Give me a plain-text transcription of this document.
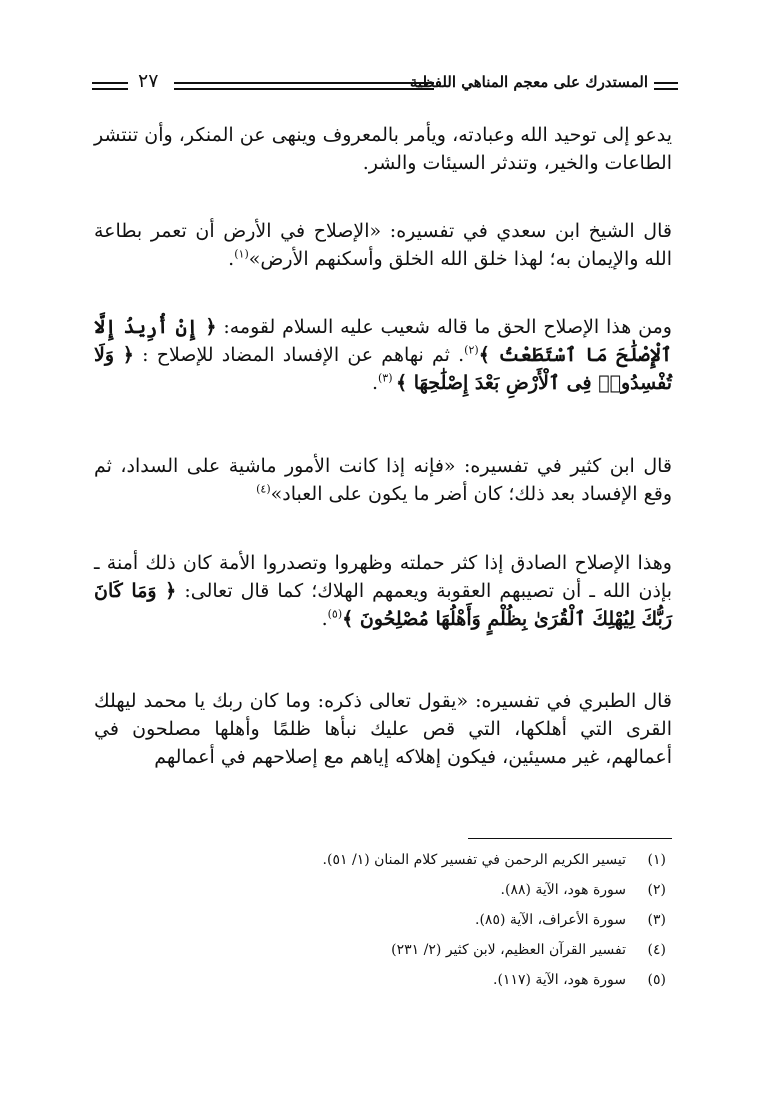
المستدرك على معجم المناهي اللفظية
٢٧

يدعو إلى توحيد الله وعبادته، ويأمر بالمعروف وينهى عن المنكر، وأن تنتشر الطاعات والخير، وتندثر السيئات والشر.

قال الشيخ ابن سعدي في تفسيره: «الإصلاح في الأرض أن تعمر بطاعة الله والإيمان به؛ لهذا خلق الله الخلق وأسكنهم الأرض»$^{(١)}$.

ومن هذا الإصلاح الحق ما قاله شعيب عليه السلام لقومه: ﴿ إِنْ أُرِيدُ إِلَّا ٱلْإِصْلَٰحَ مَا ٱسْتَطَعْتُ ﴾$^{(٢)}$. ثم نهاهم عن الإفساد المضاد للإصلاح : ﴿ وَلَا تُفْسِدُوا۟ فِى ٱلْأَرْضِ بَعْدَ إِصْلَٰحِهَا ﴾ $^{(٣)}$.

قال ابن كثير في تفسيره: «فإنه إذا كانت الأمور ماشية على السداد، ثم وقع الإفساد بعد ذلك؛ كان أضر ما يكون على العباد»$^{(٤)}$

وهذا الإصلاح الصادق إذا كثر حملته وظهروا وتصدروا الأمة كان ذلك أمنة ـ بإذن الله ـ أن تصيبهم العقوبة ويعمهم الهلاك؛ كما قال تعالى: ﴿ وَمَا كَانَ رَبُّكَ لِيُهْلِكَ ٱلْقُرَىٰ بِظُلْمٍ وَأَهْلُهَا مُصْلِحُونَ ﴾$^{(٥)}$.

قال الطبري في تفسيره: «يقول تعالى ذكره: وما كان ربك يا محمد ليهلك القرى التي أهلكها، التي قص عليك نبأها ظلمًا وأهلها مصلحون في أعمالهم، غير مسيئين، فيكون إهلاكه إياهم مع إصلاحهم في أعمالهم

(١)تيسير الكريم الرحمن في تفسير كلام المنان (١/ ٥١).
(٢)سورة هود، الآية (٨٨).
(٣)سورة الأعراف، الآية (٨٥).
(٤)تفسير القرآن العظيم، لابن كثير (٢/ ٢٣١)
(٥)سورة هود، الآية (١١٧).
